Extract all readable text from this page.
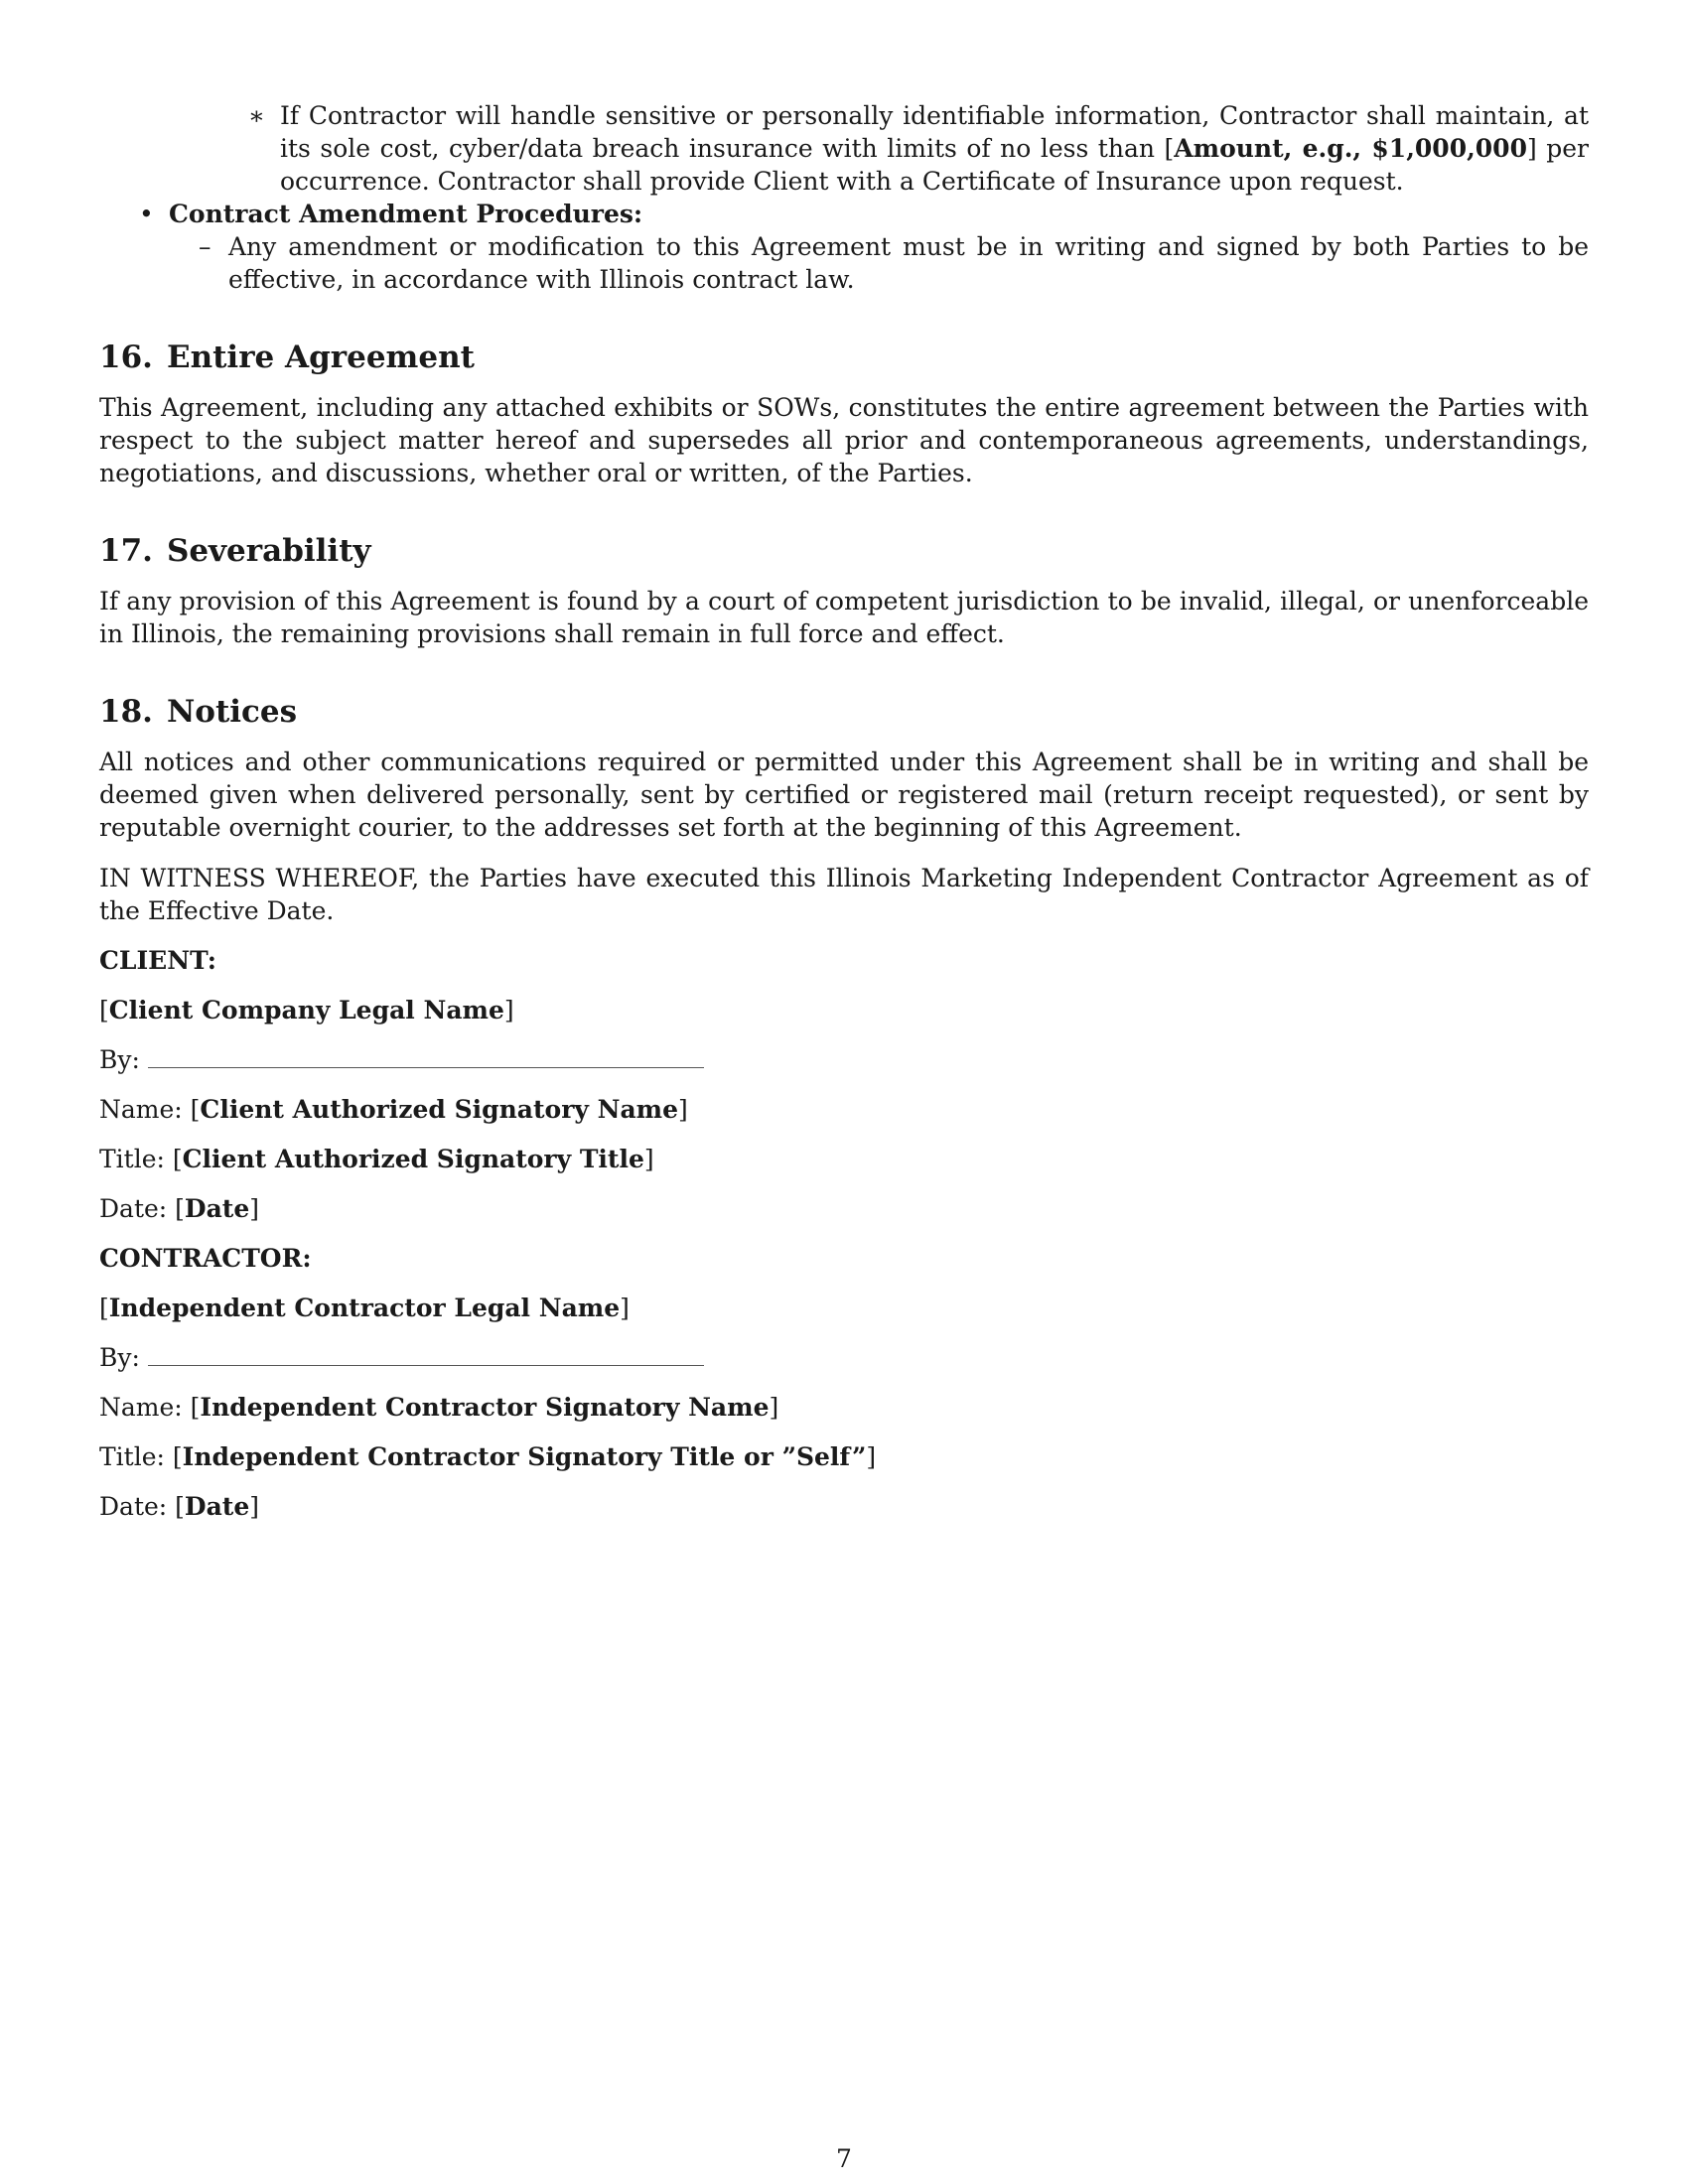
∗ If Contractor will handle sensitive or personally identifiable information, Contractor shall maintain, at its sole cost, cyber/data breach insurance with limits of no less than [Amount, e.g., $1,000,000] per occurrence. Contractor shall provide Client with a Certificate of Insurance upon request.
• Contract Amendment Procedures:
– Any amendment or modification to this Agreement must be in writing and signed by both Parties to be effective, in accordance with Illinois contract law.
16. Entire Agreement

This Agreement, including any attached exhibits or SOWs, constitutes the entire agreement between the Parties with respect to the subject matter hereof and supersedes all prior and contemporaneous agreements, understandings, negotiations, and discussions, whether oral or written, of the Parties.

17. Severability

If any provision of this Agreement is found by a court of competent jurisdiction to be invalid, illegal, or unenforceable in Illinois, the remaining provisions shall remain in full force and effect.

18. Notices

All notices and other communications required or permitted under this Agreement shall be in writing and shall be deemed given when delivered personally, sent by certified or registered mail (return receipt requested), or sent by reputable overnight courier, to the addresses set forth at the beginning of this Agreement.

IN WITNESS WHEREOF, the Parties have executed this Illinois Marketing Independent Contractor Agreement as of the Effective Date.

CLIENT:

[Client Company Legal Name]

By:

Name: [Client Authorized Signatory Name]

Title: [Client Authorized Signatory Title]

Date: [Date]

CONTRACTOR:

[Independent Contractor Legal Name]

By:

Name: [Independent Contractor Signatory Name]

Title: [Independent Contractor Signatory Title or ”Self”]

Date: [Date]

7
